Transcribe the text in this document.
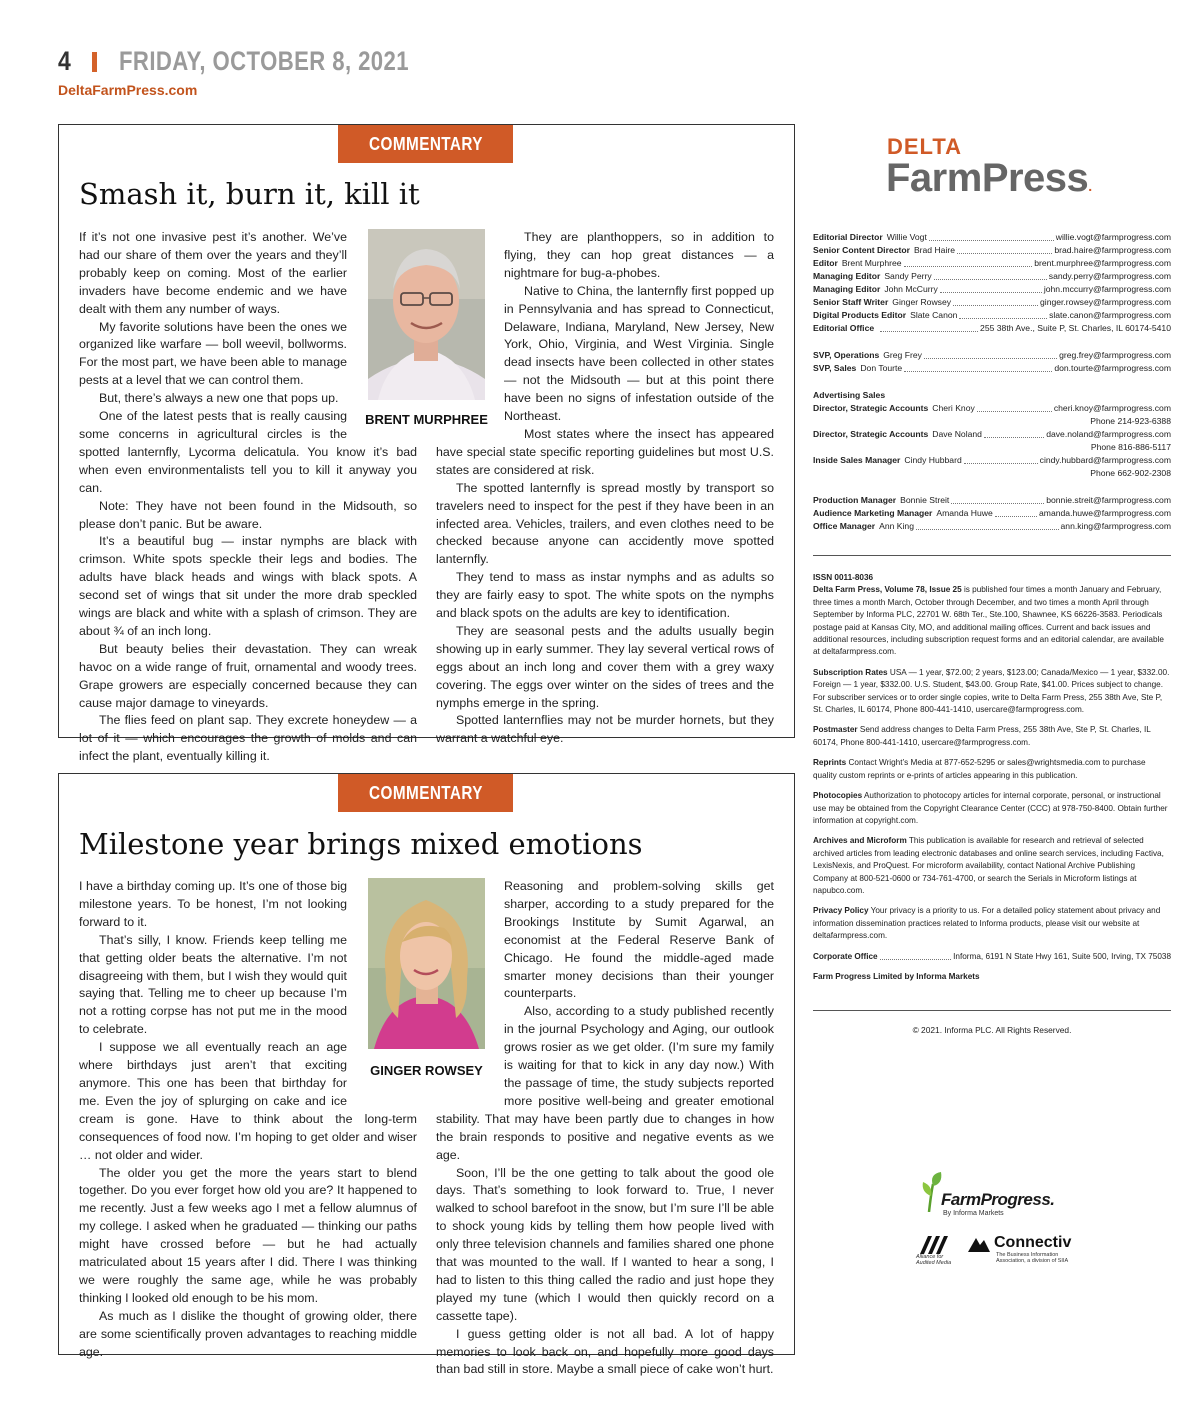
4 FRIDAY, OCTOBER 8, 2021
DeltaFarmPress.com
COMMENTARY
Smash it, burn it, kill it
BRENT MURPHREE

If it’s not one invasive pest it’s another. We’ve had our share of them over the years and they’ll probably keep on coming. Most of the earlier invaders have become endemic and we have dealt with them any number of ways.

My favorite solutions have been the ones we organized like warfare — boll weevil, bollworms. For the most part, we have been able to manage pests at a level that we can control them.

But, there’s always a new one that pops up.

One of the latest pests that is really causing some concerns in agricultural circles is the spotted lanternfly, Lycorma delicatula. You know it’s bad when even environmentalists tell you to kill it anyway you can.

Note: They have not been found in the Midsouth, so please don’t panic. But be aware.

It’s a beautiful bug — instar nymphs are black with crimson. White spots speckle their legs and bodies. The adults have black heads and wings with black spots. A second set of wings that sit under the more drab speckled wings are black and white with a splash of crimson. They are about ¾ of an inch long.

But beauty belies their devastation. They can wreak havoc on a wide range of fruit, ornamental and woody trees. Grape growers are especially concerned because they can cause major damage to vineyards.

The flies feed on plant sap. They excrete honeydew — a lot of it — which encourages the growth of molds and can infect the plant, eventually killing it.

They are planthoppers, so in addition to flying, they can hop great distances — a nightmare for bug-a-phobes.

Native to China, the lanternfly first popped up in Pennsylvania and has spread to Connecticut, Delaware, Indiana, Maryland, New Jersey, New York, Ohio, Virginia, and West Virginia. Single dead insects have been collected in other states — not the Midsouth — but at this point there have been no signs of infestation outside of the Northeast.

Most states where the insect has appeared have special state specific reporting guidelines but most U.S. states are considered at risk.

The spotted lanternfly is spread mostly by transport so travelers need to inspect for the pest if they have been in an infected area. Vehicles, trailers, and even clothes need to be checked because anyone can accidently move spotted lanternfly.

They tend to mass as instar nymphs and as adults so they are fairly easy to spot. The white spots on the nymphs and black spots on the adults are key to identification.

They are seasonal pests and the adults usually begin showing up in early summer. They lay several vertical rows of eggs about an inch long and cover them with a grey waxy covering. The eggs over winter on the sides of trees and the nymphs emerge in the spring.

Spotted lanternflies may not be murder hornets, but they warrant a watchful eye.

COMMENTARY
Milestone year brings mixed emotions
GINGER ROWSEY

I have a birthday coming up. It’s one of those big milestone years. To be honest, I’m not looking forward to it.

That’s silly, I know. Friends keep telling me that getting older beats the alternative. I’m not disagreeing with them, but I wish they would quit saying that. Telling me to cheer up because I’m not a rotting corpse has not put me in the mood to celebrate.

I suppose we all eventually reach an age where birthdays just aren’t that exciting anymore. This one has been that birthday for me. Even the joy of splurging on cake and ice cream is gone. Have to think about the long-term consequences of food now. I’m hoping to get older and wiser … not older and wider.

The older you get the more the years start to blend together. Do you ever forget how old you are? It happened to me recently. Just a few weeks ago I met a fellow alumnus of my college. I asked when he graduated — thinking our paths might have crossed before — but he had actually matriculated about 15 years after I did. There I was thinking we were roughly the same age, while he was probably thinking I looked old enough to be his mom.

As much as I dislike the thought of growing older, there are some scientifically proven advantages to reaching middle age.

Reasoning and problem-solving skills get sharper, according to a study prepared for the Brookings Institute by Sumit Agarwal, an economist at the Federal Reserve Bank of Chicago. He found the middle-aged made smarter money decisions than their younger counterparts.

Also, according to a study published recently in the journal Psychology and Aging, our outlook grows rosier as we get older. (I’m sure my family is waiting for that to kick in any day now.) With the passage of time, the study subjects reported more positive well-being and greater emotional stability. That may have been partly due to changes in how the brain responds to positive and negative events as we age.

Soon, I’ll be the one getting to talk about the good ole days. That’s something to look forward to. True, I never walked to school barefoot in the snow, but I’m sure I’ll be able to shock young kids by telling them how people lived with only three television channels and families shared one phone that was mounted to the wall. If I wanted to hear a song, I had to listen to this thing called the radio and just hope they played my tune (which I would then quickly record on a cassette tape).

I guess getting older is not all bad. A lot of happy memories to look back on, and hopefully more good days than bad still in store. Maybe a small piece of cake won’t hurt.

DELTA
FarmPress.
Editorial Director Willie Vogt	willie.vogt@farmprogress.com
Senior Content Director Brad Haire	brad.haire@farmprogress.com
Editor Brent Murphree	brent.murphree@farmprogress.com
Managing Editor Sandy Perry	sandy.perry@farmprogress.com
Managing Editor John McCurry	john.mccurry@farmprogress.com
Senior Staff Writer Ginger Rowsey	ginger.rowsey@farmprogress.com
Digital Products Editor Slate Canon	slate.canon@farmprogress.com
Editorial Office	255 38th Ave., Suite P, St. Charles, IL 60174-5410
SVP, Operations Greg Frey	greg.frey@farmprogress.com
SVP, Sales Don Tourte	don.tourte@farmprogress.com
Advertising Sales
Director, Strategic Accounts Cheri Knoy	cheri.knoy@farmprogress.com
Phone 214-923-6388
Director, Strategic Accounts Dave Noland	dave.noland@farmprogress.com
Phone 816-886-5117
Inside Sales Manager Cindy Hubbard	cindy.hubbard@farmprogress.com
Phone 662-902-2308
Production Manager Bonnie Streit	bonnie.streit@farmprogress.com
Audience Marketing Manager Amanda Huwe	amanda.huwe@farmprogress.com
Office Manager Ann King	ann.king@farmprogress.com

ISSN 0011-8036

Delta Farm Press, Volume 78, Issue 25 is published four times a month January and February, three times a month March, October through December, and two times a month April through September by Informa PLC, 22701 W. 68th Ter., Ste.100, Shawnee, KS 66226-3583. Periodicals postage paid at Kansas City, MO, and additional mailing offices. Current and back issues and additional resources, including subscription request forms and an editorial calendar, are available at deltafarmpress.com.

Subscription Rates USA — 1 year, $72.00; 2 years, $123.00; Canada/Mexico — 1 year, $332.00. Foreign — 1 year, $332.00. U.S. Student, $43.00. Group Rate, $41.00. Prices subject to change. For subscriber services or to order single copies, write to Delta Farm Press, 255 38th Ave, Ste P, St. Charles, IL 60174, Phone 800-441-1410, usercare@farmprogress.com.

Postmaster Send address changes to Delta Farm Press, 255 38th Ave, Ste P, St. Charles, IL 60174, Phone 800-441-1410, usercare@farmprogress.com.

Reprints Contact Wright’s Media at 877-652-5295 or sales@wrightsmedia.com to purchase quality custom reprints or e-prints of articles appearing in this publication.

Photocopies Authorization to photocopy articles for internal corporate, personal, or instructional use may be obtained from the Copyright Clearance Center (CCC) at 978-750-8400. Obtain further information at copyright.com.

Archives and Microform This publication is available for research and retrieval of selected archived articles from leading electronic databases and online search services, including Factiva, LexisNexis, and ProQuest. For microform availability, contact National Archive Publishing Company at 800-521-0600 or 734-761-4700, or search the Serials in Microform listings at napubco.com.

Privacy Policy Your privacy is a priority to us. For a detailed policy statement about privacy and information dissemination practices related to Informa products, please visit our website at deltafarmpress.com.

Corporate Office	Informa, 6191 N State Hwy 161, Suite 500, Irving, TX 75038

Farm Progress Limited by Informa Markets

© 2021. Informa PLC. All Rights Reserved.
FarmProgress.
By Informa Markets
Alliance for Audited Media
Connectiv
The Business Information Association, a division of SIIA
